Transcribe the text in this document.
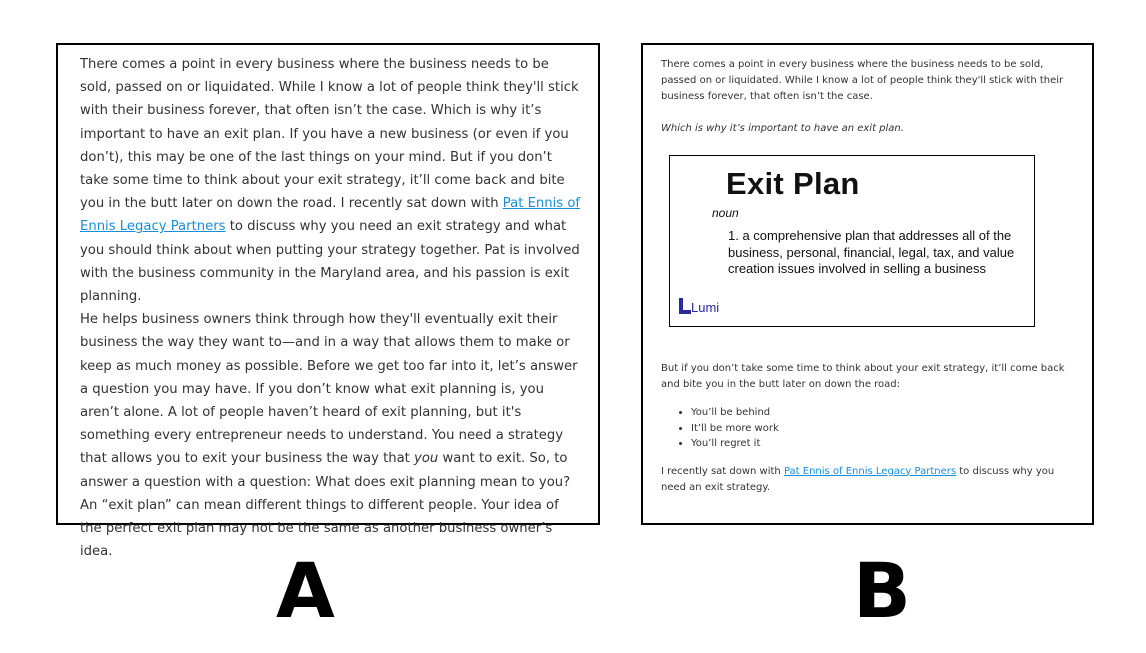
There comes a point in every business where the business needs to be sold, passed on or liquidated. While I know a lot of people think they'll stick with their business forever, that often isn’t the case. Which is why it’s important to have an exit plan. If you have a new business (or even if you don’t), this may be one of the last things on your mind. But if you don’t take some time to think about your exit strategy, it’ll come back and bite you in the butt later on down the road. I recently sat down with Pat Ennis of Ennis Legacy Partners to discuss why you need an exit strategy and what you should think about when putting your strategy together. Pat is involved with the business community in the Maryland area, and his passion is exit planning.

He helps business owners think through how they'll eventually exit their business the way they want to—and in a way that allows them to make or keep as much money as possible. Before we get too far into it, let’s answer a question you may have. If you don’t know what exit planning is, you aren’t alone. A lot of people haven’t heard of exit planning, but it's something every entrepreneur needs to understand. You need a strategy that allows you to exit your business the way that you want to exit. So, to answer a question with a question: What does exit planning mean to you? An “exit plan” can mean different things to different people. Your idea of the perfect exit plan may not be the same as another business owner’s idea.

There comes a point in every business where the business needs to be sold, passed on or liquidated. While I know a lot of people think they'll stick with their business forever, that often isn’t the case.

Which is why it’s important to have an exit plan.

Exit Plan
noun
1. a comprehensive plan that addresses all of the business, personal, financial, legal, tax, and value creation issues involved in selling a business
Lumi

But if you don’t take some time to think about your exit strategy, it’ll come back and bite you in the butt later on down the road:

• You’ll be behind
• It’ll be more work
• You’ll regret it

I recently sat down with Pat Ennis of Ennis Legacy Partners to discuss why you need an exit strategy.

A	B
